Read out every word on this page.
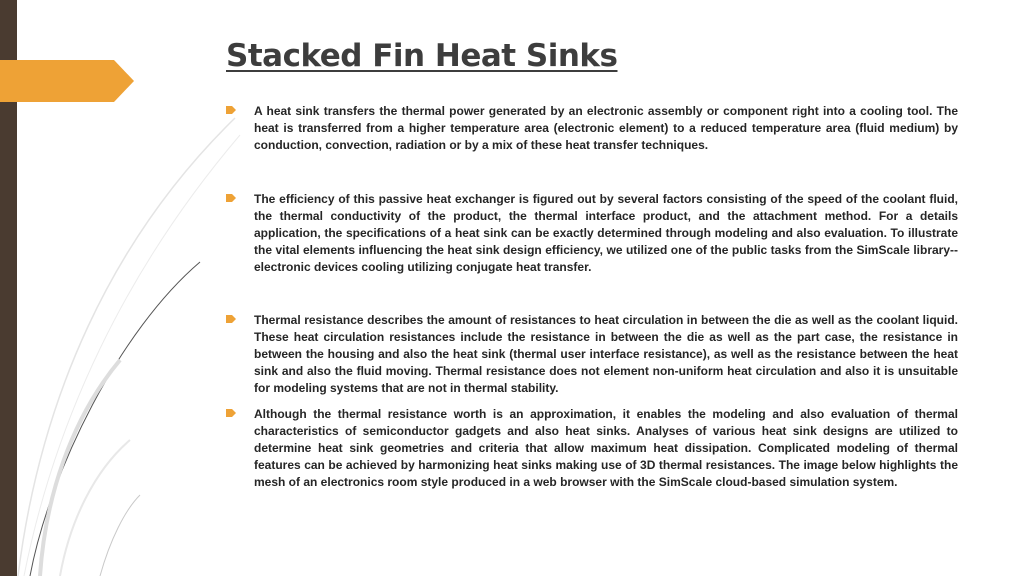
Stacked Fin Heat Sinks
A heat sink transfers the thermal power generated by an electronic assembly or component right into a cooling tool. The heat is transferred from a higher temperature area (electronic element) to a reduced temperature area (fluid medium) by conduction, convection, radiation or by a mix of these heat transfer techniques.
The efficiency of this passive heat exchanger is figured out by several factors consisting of the speed of the coolant fluid, the thermal conductivity of the product, the thermal interface product, and the attachment method. For a details application, the specifications of a heat sink can be exactly determined through modeling and also evaluation. To illustrate the vital elements influencing the heat sink design efficiency, we utilized one of the public tasks from the SimScale library-- electronic devices cooling utilizing conjugate heat transfer.
Thermal resistance describes the amount of resistances to heat circulation in between the die as well as the coolant liquid. These heat circulation resistances include the resistance in between the die as well as the part case, the resistance in between the housing and also the heat sink (thermal user interface resistance), as well as the resistance between the heat sink and also the fluid moving. Thermal resistance does not element non-uniform heat circulation and also it is unsuitable for modeling systems that are not in thermal stability.
Although the thermal resistance worth is an approximation, it enables the modeling and also evaluation of thermal characteristics of semiconductor gadgets and also heat sinks. Analyses of various heat sink designs are utilized to determine heat sink geometries and criteria that allow maximum heat dissipation. Complicated modeling of thermal features can be achieved by harmonizing heat sinks making use of 3D thermal resistances. The image below highlights the mesh of an electronics room style produced in a web browser with the SimScale cloud-based simulation system.
